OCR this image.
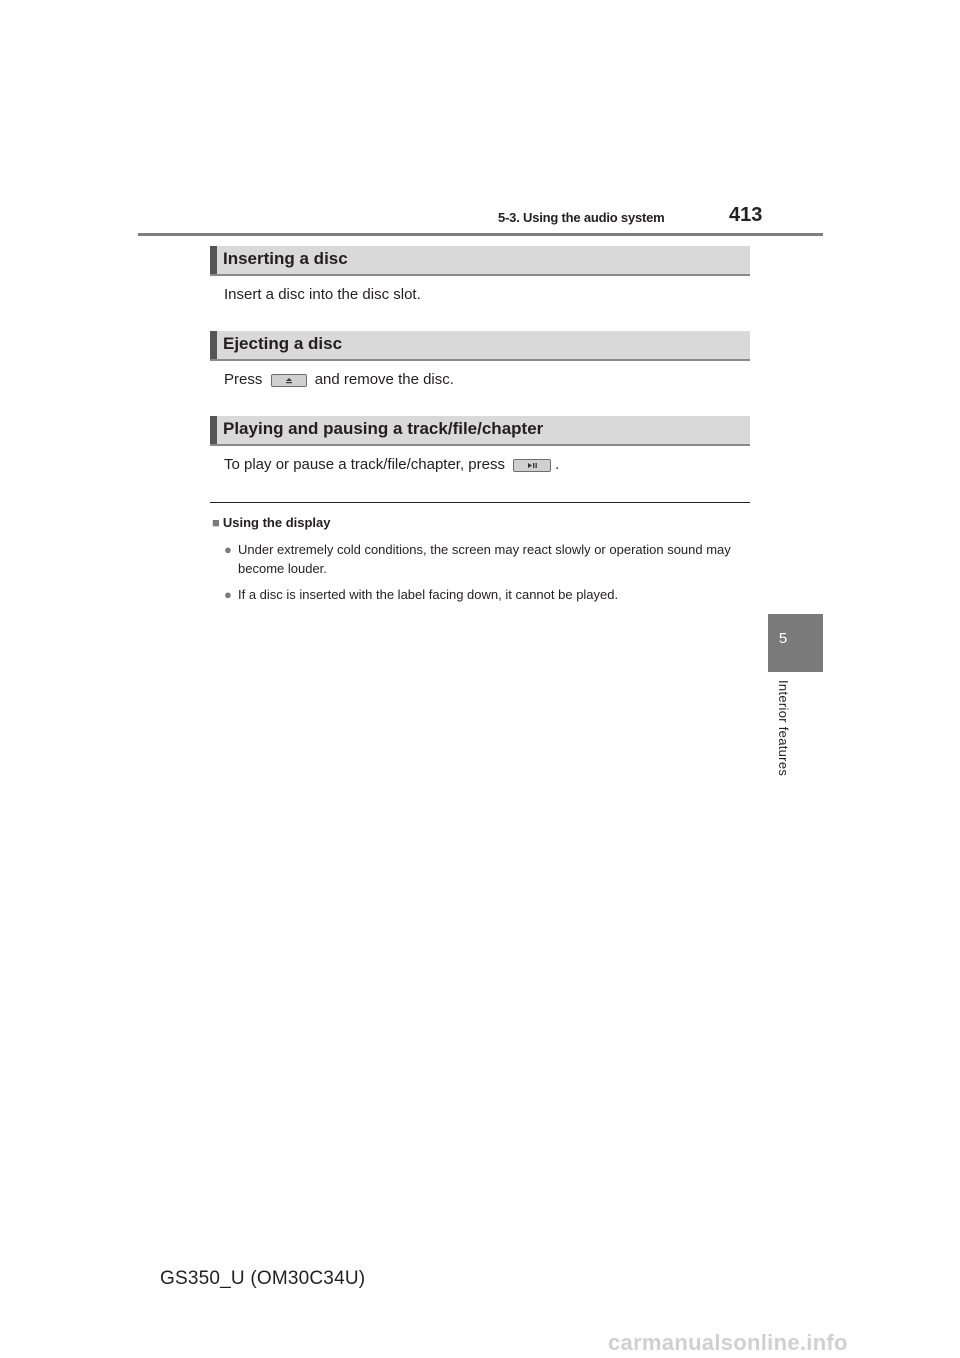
5-3. Using the audio system	413
5
Interior features
Inserting a disc
Insert a disc into the disc slot.
Ejecting a disc
Press	and remove the disc.
Playing and pausing a track/file/chapter
To play or pause a track/file/chapter, press	.
■ Using the display
● Under extremely cold conditions, the screen may react slowly or operation sound may become louder.
● If a disc is inserted with the label facing down, it cannot be played.
GS350_U (OM30C34U)
carmanualsonline.info
